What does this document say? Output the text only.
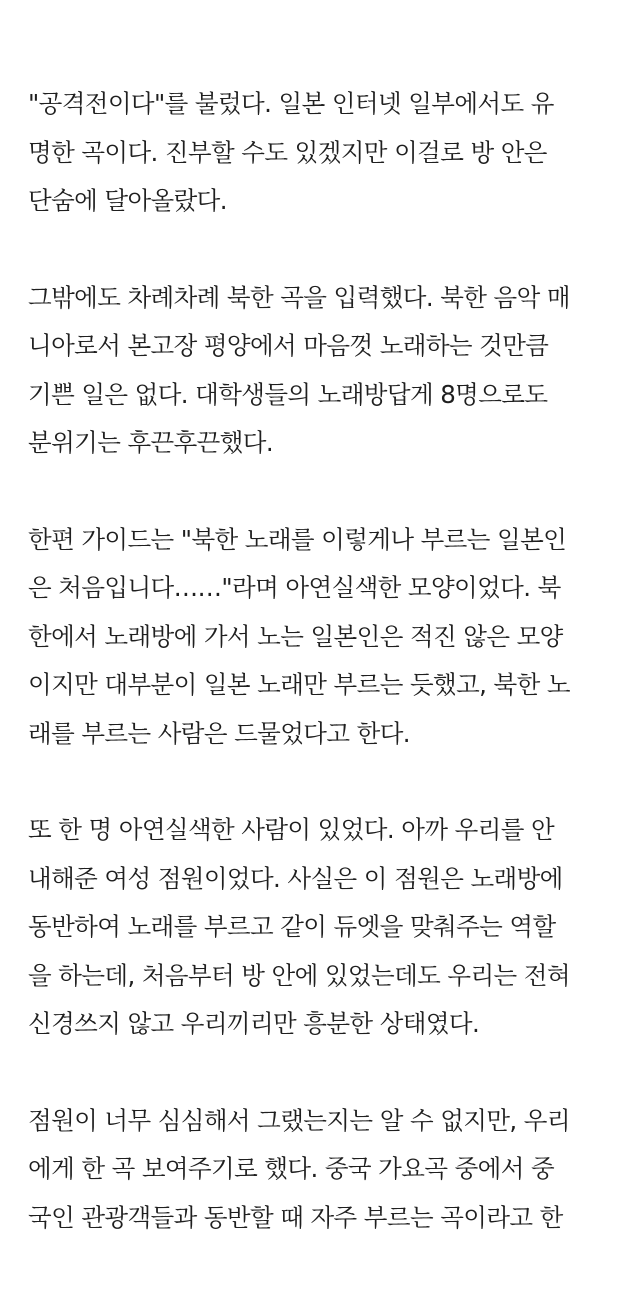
"공격전이다"를 불렀다. 일본 인터넷 일부에서도 유
명한 곡이다. 진부할 수도 있겠지만 이걸로 방 안은
단숨에 달아올랐다.
그밖에도 차례차례 북한 곡을 입력했다. 북한 음악 매
니아로서 본고장 평양에서 마음껏 노래하는 것만큼
기쁜 일은 없다. 대학생들의 노래방답게 8명으로도
분위기는 후끈후끈했다.
한편 가이드는 "북한 노래를 이렇게나 부르는 일본인
은 처음입니다……"라며 아연실색한 모양이었다. 북
한에서 노래방에 가서 노는 일본인은 적진 않은 모양
이지만 대부분이 일본 노래만 부르는 듯했고, 북한 노
래를 부르는 사람은 드물었다고 한다.
또 한 명 아연실색한 사람이 있었다. 아까 우리를 안
내해준 여성 점원이었다. 사실은 이 점원은 노래방에
동반하여 노래를 부르고 같이 듀엣을 맞춰주는 역할
을 하는데, 처음부터 방 안에 있었는데도 우리는 전혀
신경쓰지 않고 우리끼리만 흥분한 상태였다.
점원이 너무 심심해서 그랬는지는 알 수 없지만, 우리
에게 한 곡 보여주기로 했다. 중국 가요곡 중에서 중
국인 관광객들과 동반할 때 자주 부르는 곡이라고 한
